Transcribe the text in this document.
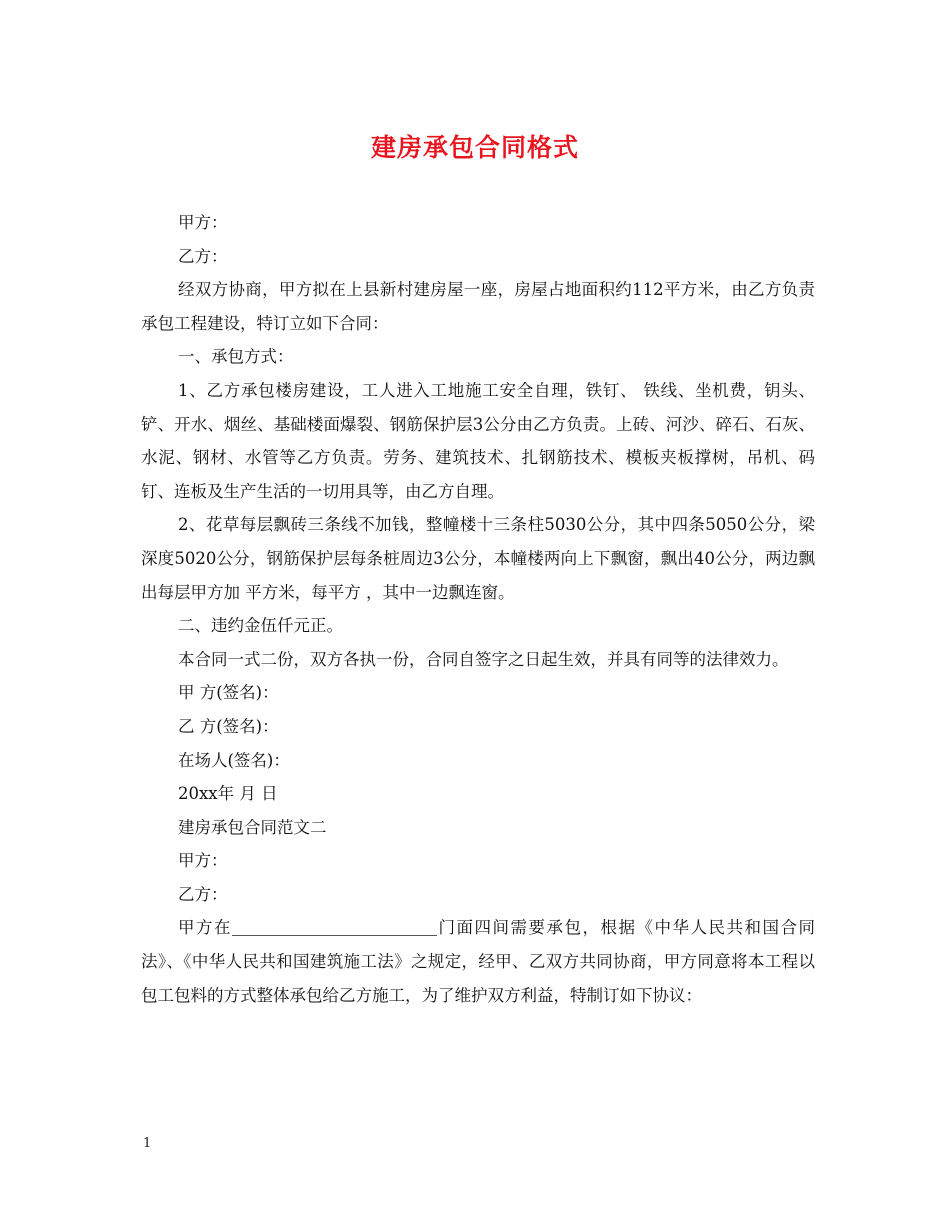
建房承包合同格式

甲方：

乙方：

经双方协商，甲方拟在上县新村建房屋一座，房屋占地面积约112平方米，由乙方负责承包工程建设，特订立如下合同：

一、承包方式：

1、乙方承包楼房建设，工人进入工地施工安全自理，铁钉、 铁线、坐机费，钥头、铲、开水、烟丝、基础楼面爆裂、钢筋保护层3公分由乙方负责。上砖、河沙、碎石、石灰、水泥、钢材、水管等乙方负责。劳务、建筑技术、扎钢筋技术、模板夹板撑树，吊机、码钉、连板及生产生活的一切用具等，由乙方自理。

2、花草每层飘砖三条线不加钱，整幢楼十三条柱5030公分，其中四条5050公分，梁深度5020公分，钢筋保护层每条桩周边3公分，本幢楼两向上下飘窗，飘出40公分，两边飘出每层甲方加 平方米，每平方 ，其中一边飘连窗。

二、违约金伍仟元正。

本合同一式二份，双方各执一份，合同自签字之日起生效，并具有同等的法律效力。

甲 方(签名)：

乙 方(签名)：

在场人(签名)：

20xx年 月 日

建房承包合同范文二

甲方：

乙方：

甲方在	门面四间需要承包，根据《中华人民共和国合同法》、《中华人民共和国建筑施工法》之规定，经甲、乙双方共同协商，甲方同意将本工程以包工包料的方式整体承包给乙方施工，为了维护双方利益，特制订如下协议：

1
